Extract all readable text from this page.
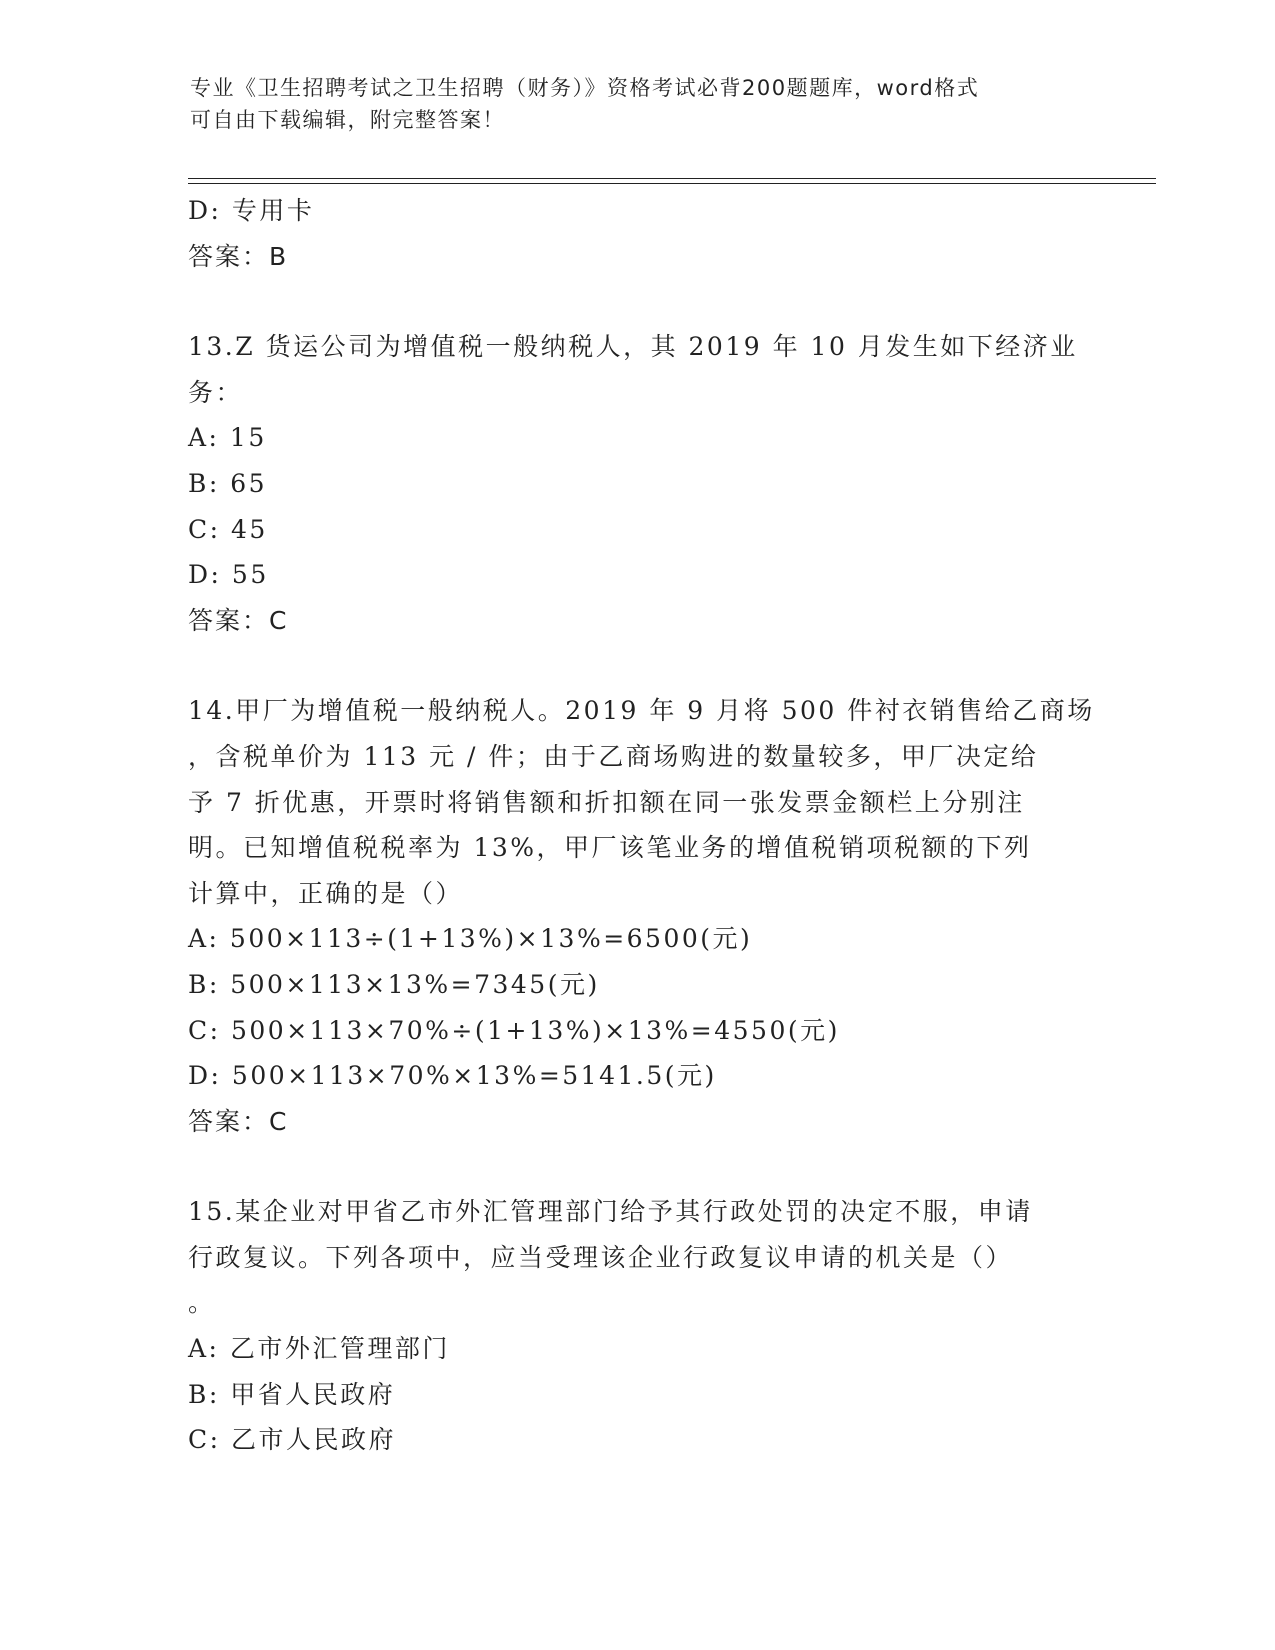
专业《卫生招聘考试之卫生招聘（财务）》资格考试必背200题题库，word格式

可自由下载编辑，附完整答案！

D: 专用卡
答案：B
13.Z 货运公司为增值税一般纳税人，其 2019 年 10 月发生如下经济业
务：
A: 15
B: 65
C: 45
D: 55
答案：C
14.甲厂为增值税一般纳税人。2019 年 9 月将 500 件衬衣销售给乙商场
，含税单价为 113 元 / 件；由于乙商场购进的数量较多，甲厂决定给
予 7 折优惠，开票时将销售额和折扣额在同一张发票金额栏上分别注
明。已知增值税税率为 13%，甲厂该笔业务的增值税销项税额的下列
计算中，正确的是（）
A: 500×113÷(1+13%)×13%=6500(元)
B: 500×113×13%=7345(元)
C: 500×113×70%÷(1+13%)×13%=4550(元)
D: 500×113×70%×13%=5141.5(元)
答案：C
15.某企业对甲省乙市外汇管理部门给予其行政处罚的决定不服，申请
行政复议。下列各项中，应当受理该企业行政复议申请的机关是（）
。
A: 乙市外汇管理部门
B: 甲省人民政府
C: 乙市人民政府
